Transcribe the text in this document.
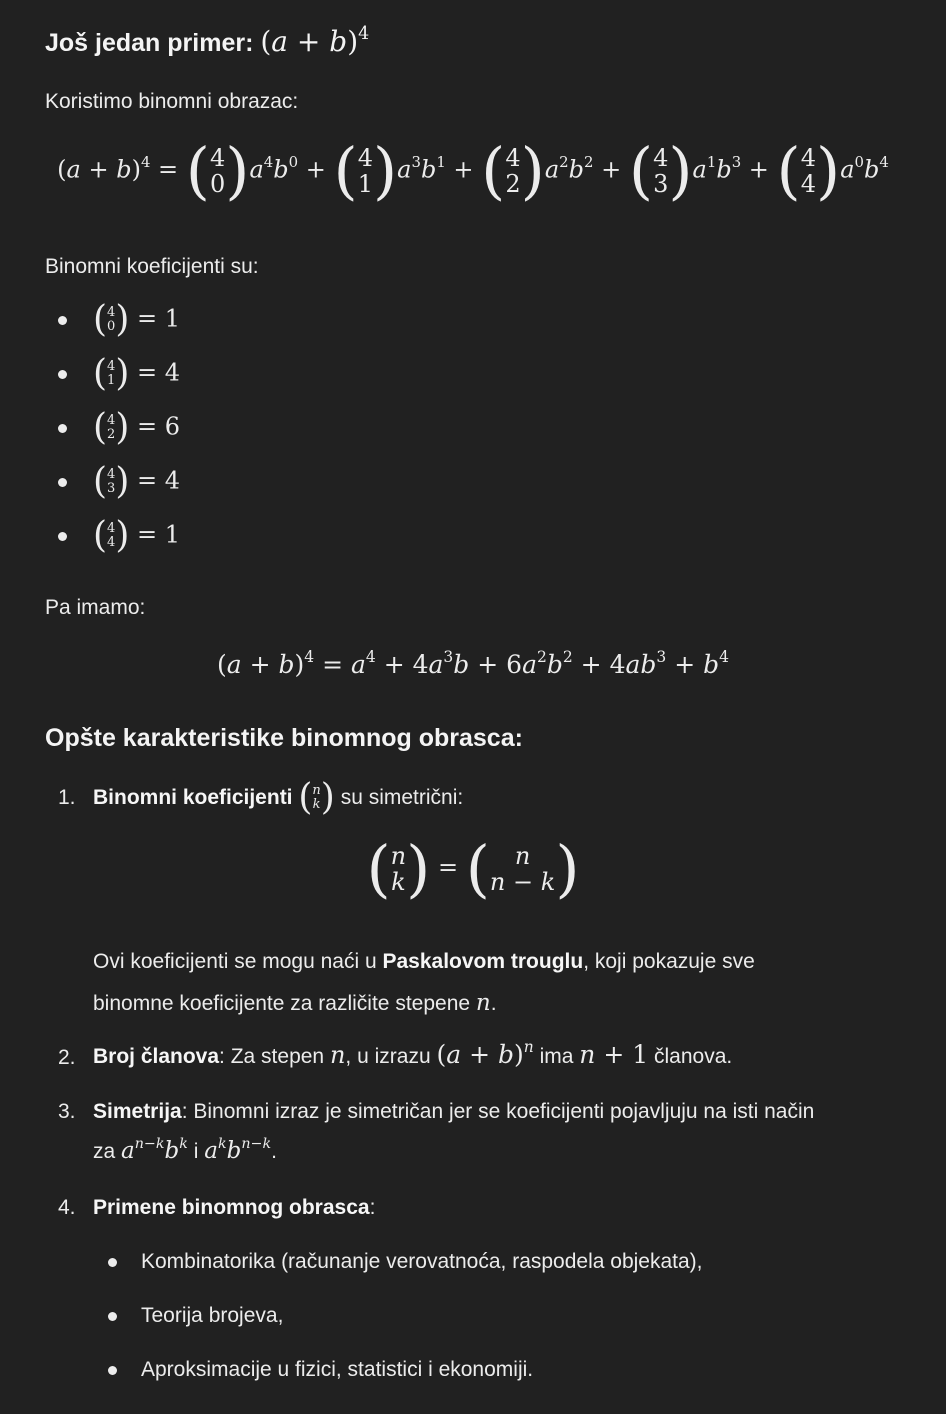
Još jedan primer: $(a + b)^4$
Koristimo binomni obrazac:
$(a + b)^4$ = ( 4
0 ) $a^4b^0$ + ( 4
1 ) $a^3b^1$ + ( 4
2 ) $a^2b^2$ + ( 4
3 ) $a^1b^3$ + ( 4
4 ) $a^0b^4$
Binomni koeficijenti su:
( 4
0 ) = 1
( 4
1 ) = 4
( 4
2 ) = 6
( 4
3 ) = 4
( 4
4 ) = 1
Pa imamo:
$(a + b)^4 = a^4 + 4a^3b + 6a^2b^2 + 4ab^3 + b^4$
Opšte karakteristike binomnog obrasca:
1. Binomni koeficijenti
( n
k )
su simetrični:
( n
k ) = ( n
n − k )
Ovi koeficijenti se mogu naći u Paskalovom trouglu, koji pokazuje sve
binomne koeficijente za različite stepene n.
2. Broj članova: Za stepen n, u izrazu $(a + b)^n$ ima n + 1 članova.
3. Simetrija: Binomni izraz je simetričan jer se koeficijenti pojavljuju na isti način
za $a^{n-k}b^k$ i $a^kb^{n-k}$.
4. Primene binomnog obrasca:
Kombinatorika (računanje verovatnoća, raspodela objekata),
Teorija brojeva,
Aproksimacije u fizici, statistici i ekonomiji.
